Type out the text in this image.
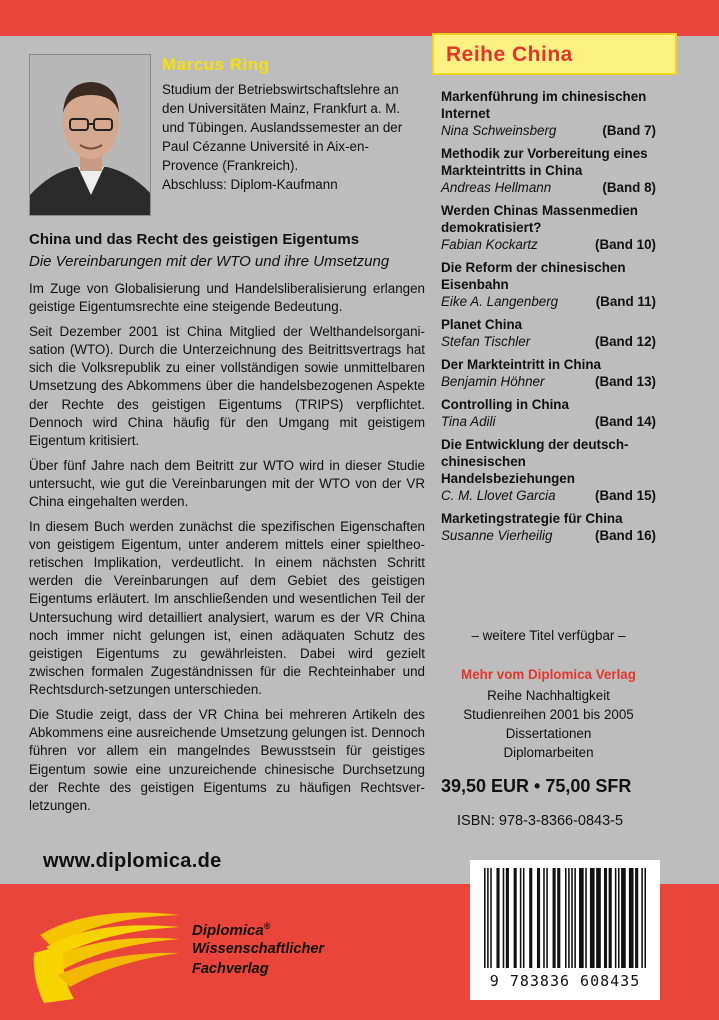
Marcus Ring
Studium der Betriebswirtschaftslehre an den Universitäten Mainz, Frankfurt a. M. und Tübingen. Auslandssemester an der Paul Cézanne Université in Aix-en-Provence (Frankreich).
Abschluss: Diplom-Kaufmann
China und das Recht des geistigen Eigentums
Die Vereinbarungen mit der WTO und ihre Umsetzung

Im Zuge von Globalisierung und Handelsliberalisierung erlangen geistige Eigentumsrechte eine steigende Bedeutung.

Seit Dezember 2001 ist China Mitglied der Welthandelsorgani-sation (WTO). Durch die Unterzeichnung des Beitrittsvertrags hat sich die Volksrepublik zu einer vollständigen sowie unmittelbaren Umsetzung des Abkommens über die handelsbezogenen Aspekte der Rechte des geistigen Eigentums (TRIPS) verpflichtet. Dennoch wird China häufig für den Umgang mit geistigem Eigentum kritisiert.

Über fünf Jahre nach dem Beitritt zur WTO wird in dieser Studie untersucht, wie gut die Vereinbarungen mit der WTO von der VR China eingehalten werden.

In diesem Buch werden zunächst die spezifischen Eigenschaften von geistigem Eigentum, unter anderem mittels einer spieltheo-retischen Implikation, verdeutlicht. In einem nächsten Schritt werden die Vereinbarungen auf dem Gebiet des geistigen Eigentums erläutert. Im anschließenden und wesentlichen Teil der Untersuchung wird detailliert analysiert, warum es der VR China noch immer nicht gelungen ist, einen adäquaten Schutz des geistigen Eigentums zu gewährleisten. Dabei wird gezielt zwischen formalen Zugeständnissen für die Rechteinhaber und Rechtsdurch-setzungen unterschieden.

Die Studie zeigt, dass der VR China bei mehreren Artikeln des Abkommens eine ausreichende Umsetzung gelungen ist. Dennoch führen vor allem ein mangelndes Bewusstsein für geistiges Eigentum sowie eine unzureichende chinesische Durchsetzung der Rechte des geistigen Eigentums zu häufigen Rechtsver-letzungen.

www.diplomica.de
Reihe China
Markenführung im chinesischen Internet
Nina Schweinsberg	(Band 7)
Methodik zur Vorbereitung eines Markteintritts in China
Andreas Hellmann	(Band 8)
Werden Chinas Massenmedien demokratisiert?
Fabian Kockartz	(Band 10)
Die Reform der chinesischen Eisenbahn
Eike A. Langenberg	(Band 11)
Planet China
Stefan Tischler	(Band 12)
Der Markteintritt in China
Benjamin Höhner	(Band 13)
Controlling in China
Tina Adili	(Band 14)
Die Entwicklung der deutsch-chinesischen Handelsbeziehungen
C. M. Llovet Garcia	(Band 15)
Marketingstrategie für China
Susanne Vierheilig	(Band 16)
– weitere Titel verfügbar –
Mehr vom Diplomica Verlag
Reihe Nachhaltigkeit
Studienreihen 2001 bis 2005
Dissertationen
Diplomarbeiten
39,50 EUR • 75,00 SFR
ISBN: 978-3-8366-0843-5
9 783836 608435
Diplomica®
Wissenschaftlicher
Fachverlag
